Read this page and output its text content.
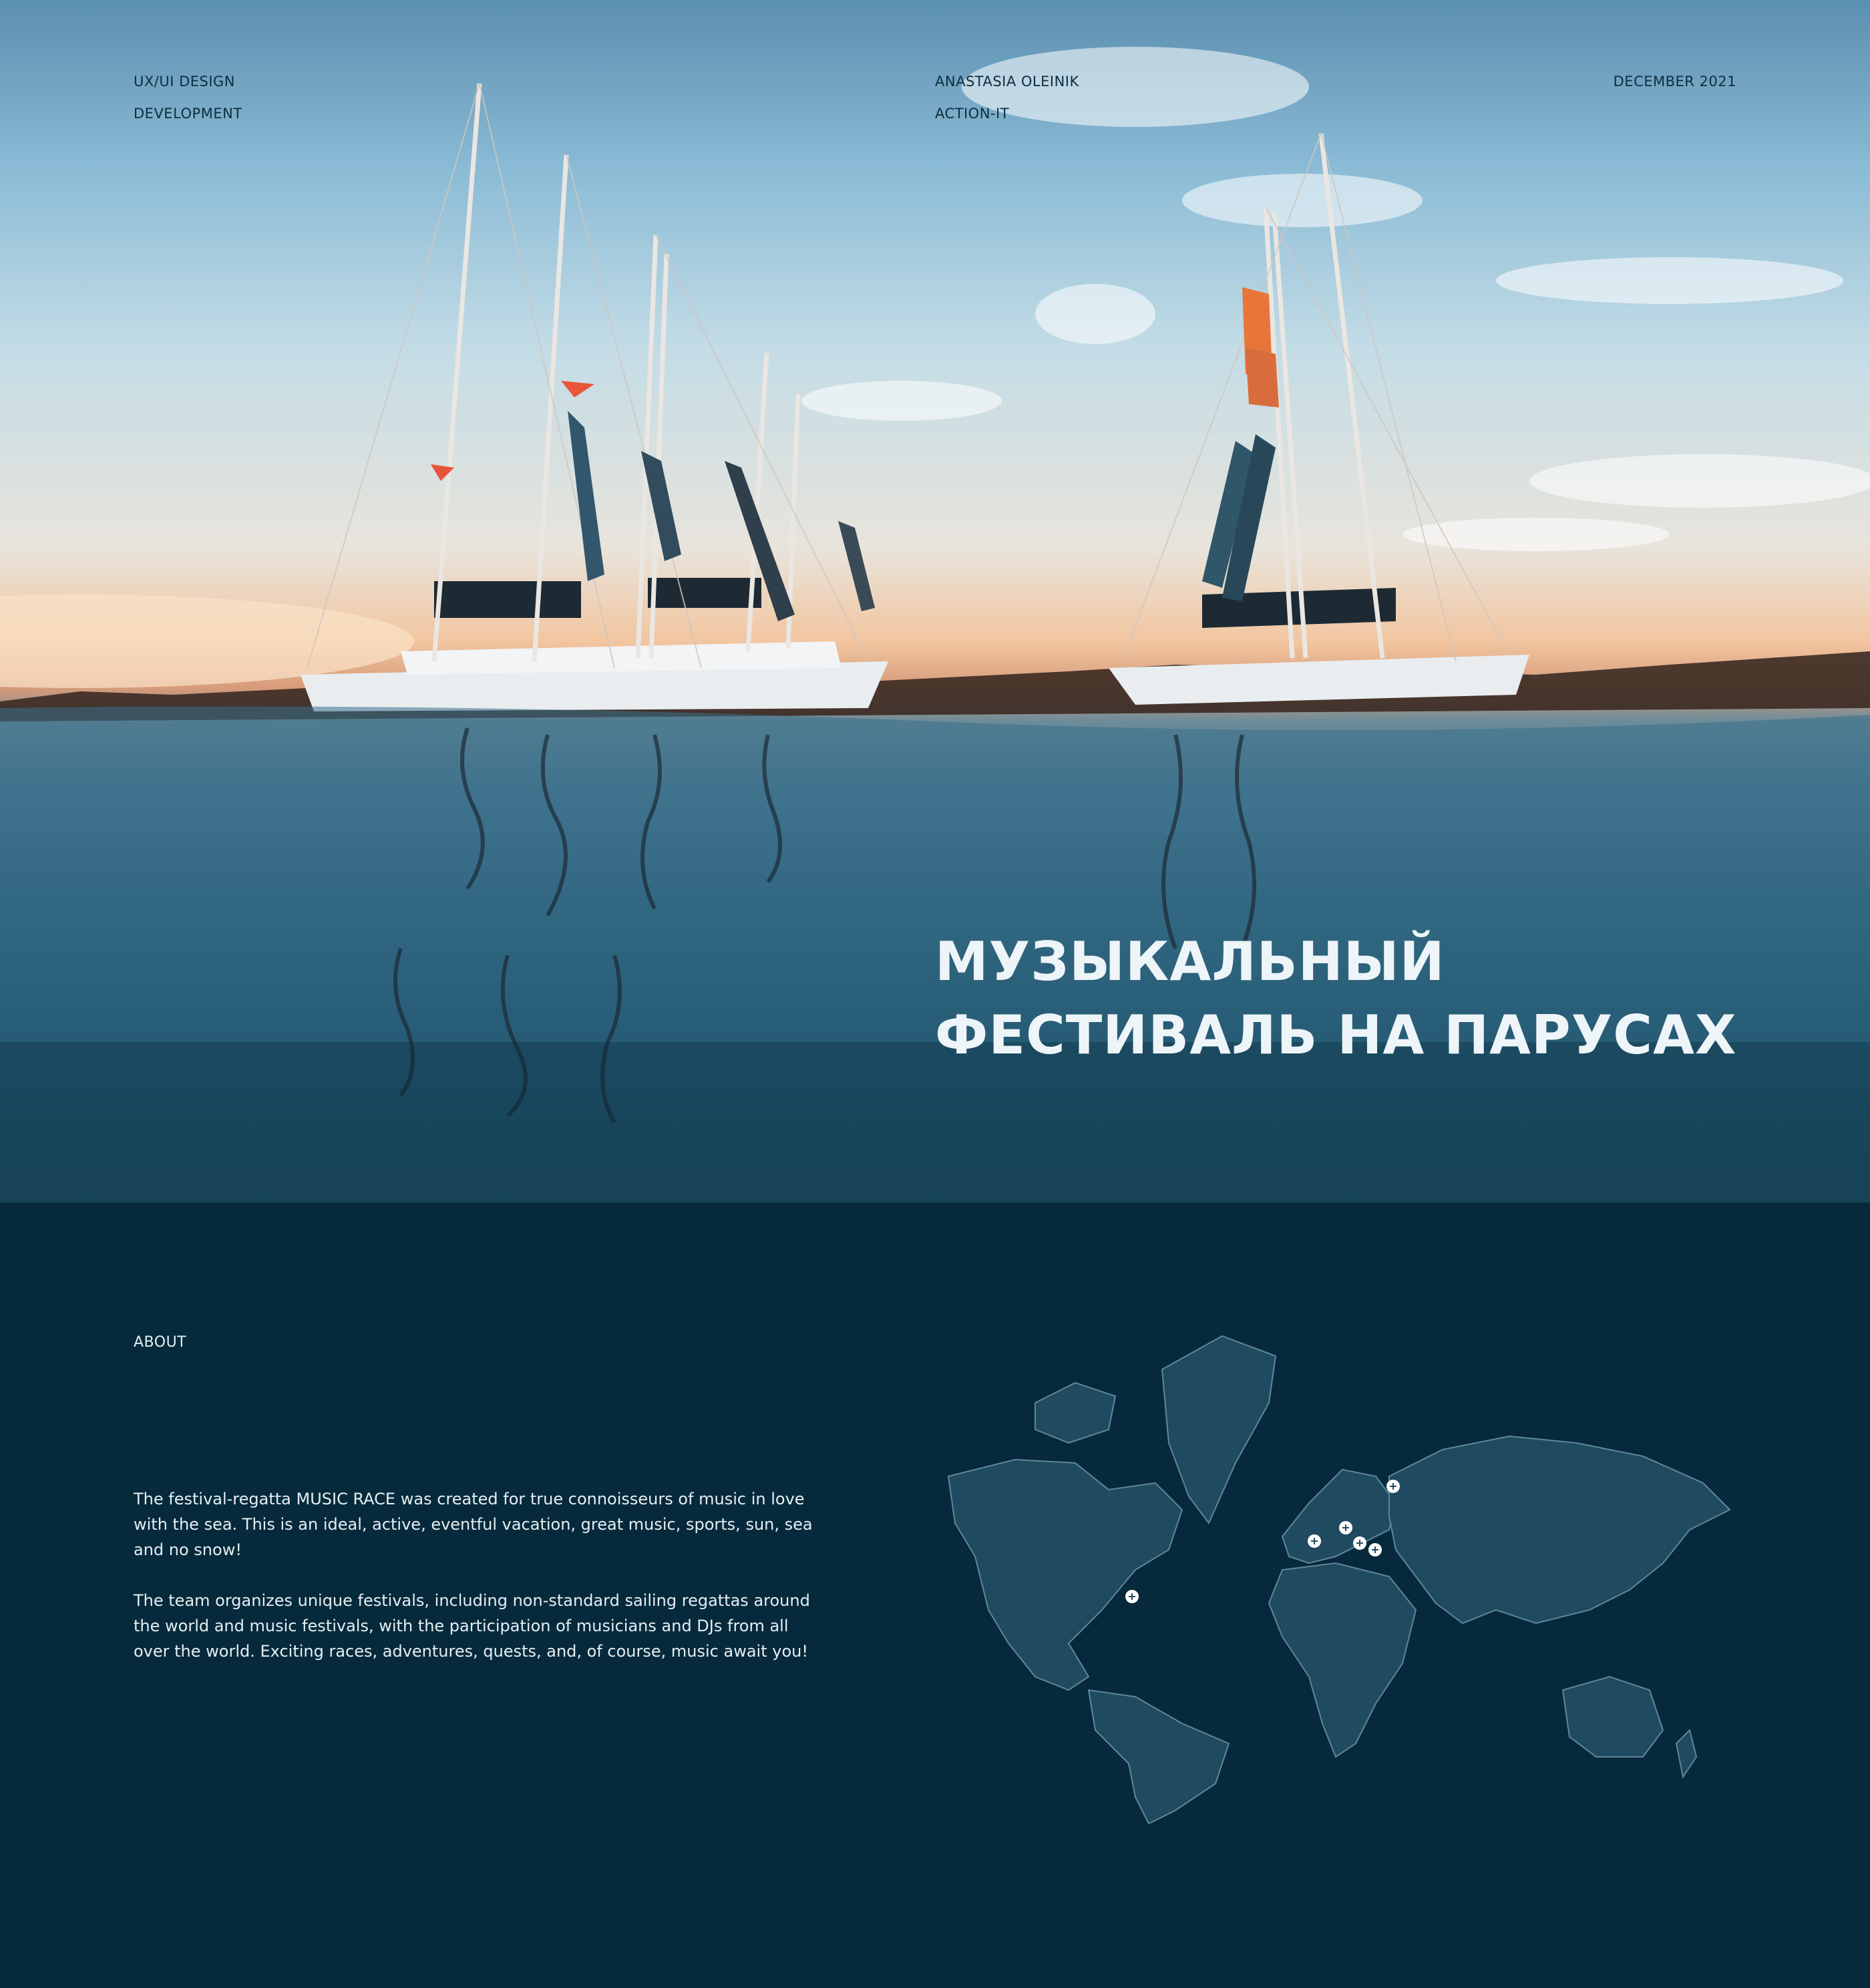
UX/UI DESIGN
DEVELOPMENT
ANASTASIA OLEINIK
ACTION-IT
DECEMBER 2021
МУЗЫКАЛЬНЫЙ
ФЕСТИВАЛЬ НА ПАРУСАХ
ABOUT

The festival-regatta MUSIC RACE was created for true connoisseurs of music in love with the sea. This is an ideal, active, eventful vacation, great music, sports, sun, sea and no snow!

The team organizes unique festivals, including non-standard sailing regattas around the world and music festivals, with the participation of musicians and DJs from all over the world. Exciting races, adventures, quests, and, of course, music await you!
